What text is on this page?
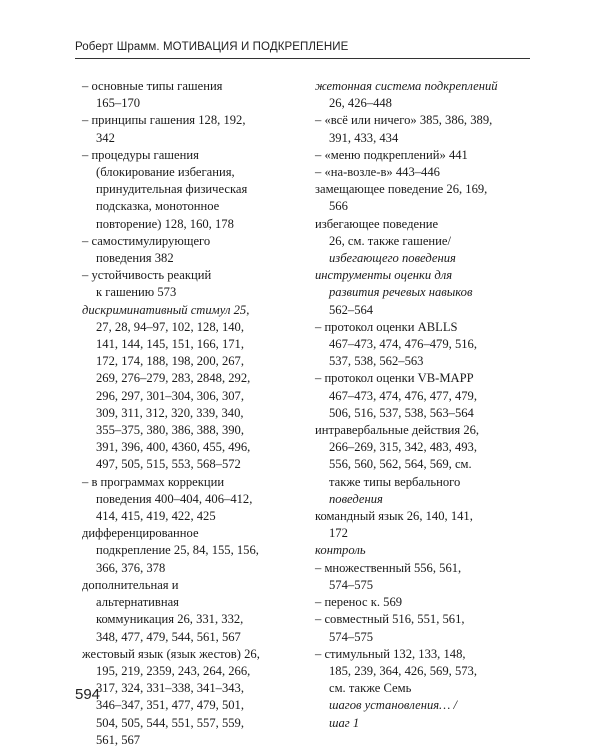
Роберт Шрамм. МОТИВАЦИЯ И ПОДКРЕПЛЕНИЕ
– основные типы гашения
165–170
– принципы гашения 128, 192,
342
– процедуры гашения
(блокирование избегания,
принудительная физическая
подсказка, монотонное
повторение) 128, 160, 178
– самостимулирующего
поведения 382
– устойчивость реакций
к гашению 573
дискриминативный стимул 25,
27, 28, 94–97, 102, 128, 140,
141, 144, 145, 151, 166, 171,
172, 174, 188, 198, 200, 267,
269, 276–279, 283, 2848, 292,
296, 297, 301–304, 306, 307,
309, 311, 312, 320, 339, 340,
355–375, 380, 386, 388, 390,
391, 396, 400, 4360, 455, 496,
497, 505, 515, 553, 568–572
– в программах коррекции
поведения 400–404, 406–412,
414, 415, 419, 422, 425
дифференцированное
подкрепление 25, 84, 155, 156,
366, 376, 378
дополнительная и
альтернативная
коммуникация 26, 331, 332,
348, 477, 479, 544, 561, 567
жестовый язык (язык жестов) 26,
195, 219, 2359, 243, 264, 266,
317, 324, 331–338, 341–343,
346–347, 351, 477, 479, 501,
504, 505, 544, 551, 557, 559,
561, 567
жетонная система подкреплений
26, 426–448
– «всё или ничего» 385, 386, 389,
391, 433, 434
– «меню подкреплений» 441
– «на-возле-в» 443–446
замещающее поведение 26, 169,
566
избегающее поведение
26, см. также гашение/
избегающего поведения
инструменты оценки для
развития речевых навыков
562–564
– протокол оценки ABLLS
467–473, 474, 476–479, 516,
537, 538, 562–563
– протокол оценки VB-MAPP
467–473, 474, 476, 477, 479,
506, 516, 537, 538, 563–564
интравербальные действия 26,
266–269, 315, 342, 483, 493,
556, 560, 562, 564, 569, см.
также типы вербального
поведения
командный язык 26, 140, 141,
172
контроль
– множественный 556, 561,
574–575
– перенос к. 569
– совместный 516, 551, 561,
574–575
– стимульный 132, 133, 148,
185, 239, 364, 426, 569, 573,
см. также Семь
шагов установления… /
шаг 1
594
